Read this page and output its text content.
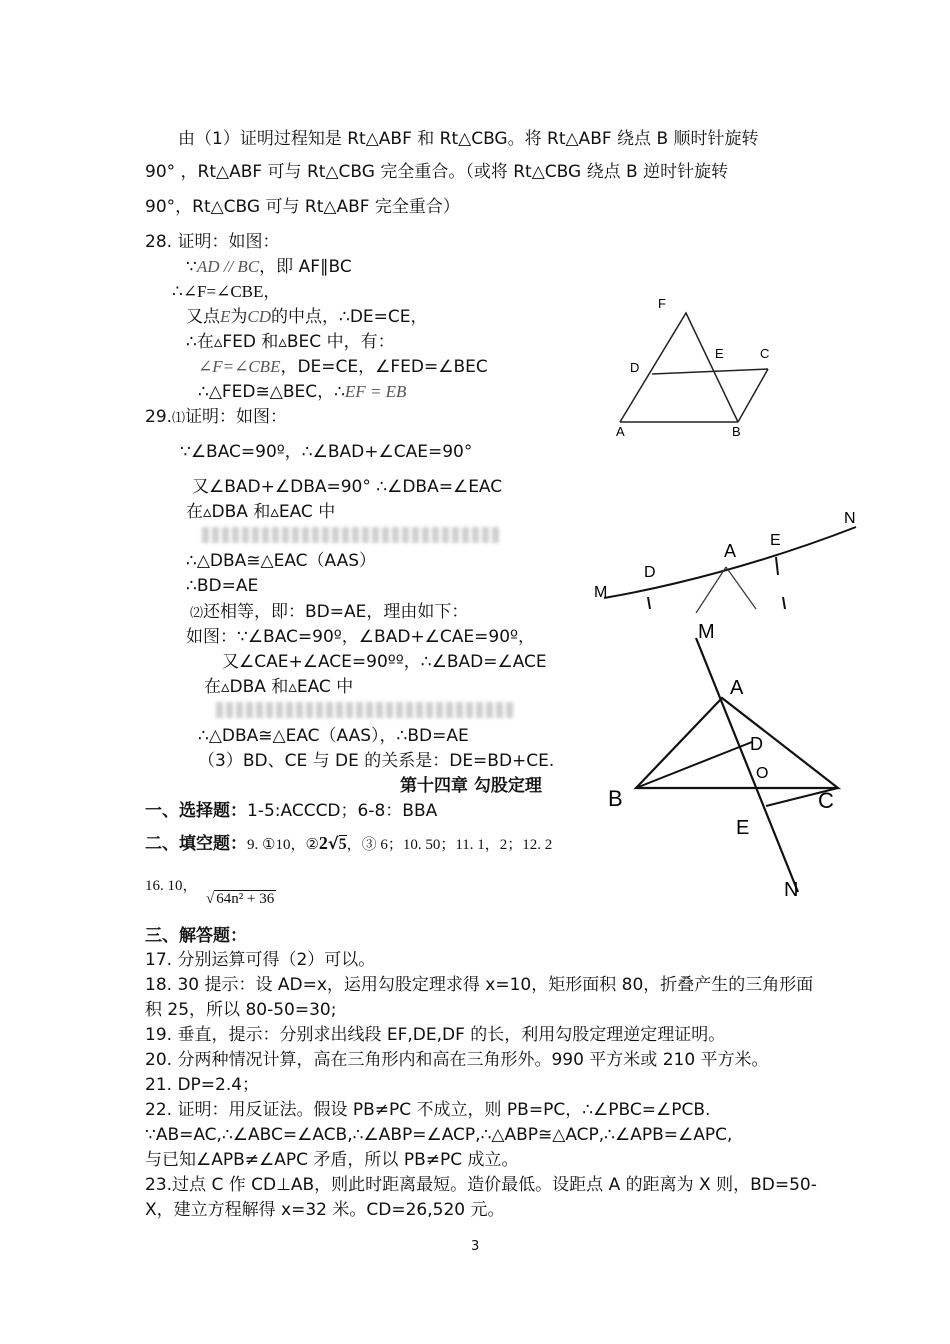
由（1）证明过程知是 Rt△ABF 和 Rt△CBG。将 Rt△ABF 绕点 B 顺时针旋转
90° ，Rt△ABF 可与 Rt△CBG 完全重合。（或将 Rt△CBG 绕点 B 逆时针旋转
90°，Rt△CBG 可与 Rt△ABF 完全重合）
28. 证明：如图：
∵AD // BC，即 AF∥BC
∴∠F=∠CBE，
又点E为CD的中点，∴DE=CE，
∴在▵FED 和▵BEC 中，有：
∠F=∠CBE，DE=CE，∠FED=∠BEC
∴△FED≅△BEC，∴EF = EB
F
D
E	C
A	B
29.⑴证明：如图：
∵∠BAC=90º，∴∠BAD+∠CAE=90°
又∠BAD+∠DBA=90° ∴∠DBA=∠EAC
在▵DBA 和▵EAC 中
∴△DBA≅△EAC（AAS）
∴BD=AE
⑵还相等，即：BD=AE，理由如下：
如图：∵∠BAC=90º，∠BAD+∠CAE=90º，
又∠CAE+∠ACE=90ºº，∴∠BAD=∠ACE
在▵DBA 和▵EAC 中
∴△DBA≅△EAC（AAS），∴BD=AE
（3）BD、CE 与 DE 的关系是：DE=BD+CE.
M
D
A
E
N
M
A
D
O
B	C
E
N
第十四章 勾股定理
一、选择题：1-5:ACCCD；6-8：BBA
二、填空题：9. ①10，②2√5，③ 6；10. 50；11. 1，2；12. 2
16. 10，
√ 64n² + 36
三、解答题：
17. 分别运算可得（2）可以。
18. 30 提示：设 AD=x，运用勾股定理求得 x=10，矩形面积 80，折叠产生的三角形面
积 25，所以 80-50=30;
19. 垂直，提示：分别求出线段 EF,DE,DF 的长，利用勾股定理逆定理证明。
20. 分两种情况计算，高在三角形内和高在三角形外。990 平方米或 210 平方米。
21. DP=2.4；
22. 证明：用反证法。假设 PB≠PC 不成立，则 PB=PC，∴∠PBC=∠PCB.
∵AB=AC,∴∠ABC=∠ACB,∴∠ABP=∠ACP,∴△ABP≅△ACP,∴∠APB=∠APC,
与已知∠APB≠∠APC 矛盾，所以 PB≠PC 成立。
23.过点 C 作 CD⊥AB，则此时距离最短。造价最低。设距点 A 的距离为 X 则，BD=50-
X，建立方程解得 x=32 米。CD=26,520 元。
3
